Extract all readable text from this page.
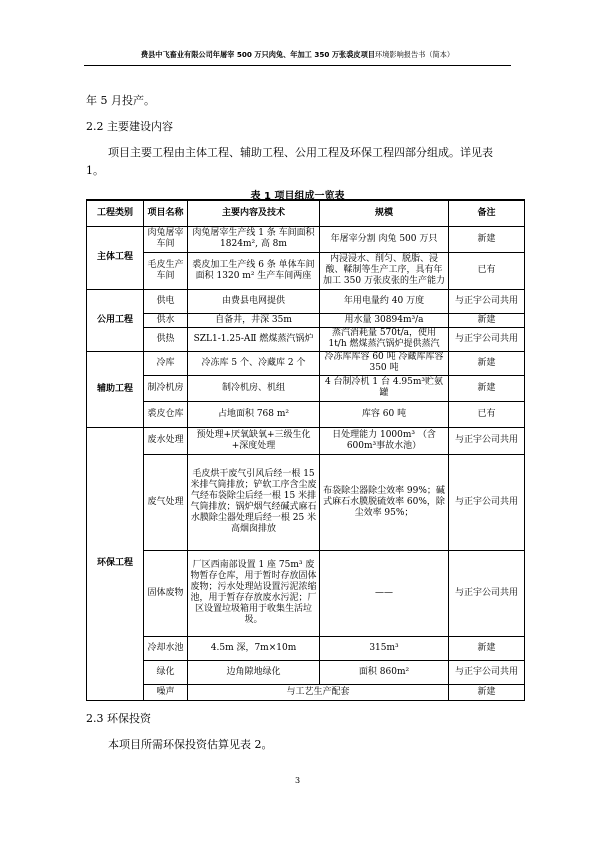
费县中飞畜业有限公司年屠宰 500 万只肉兔、年加工 350 万张裘皮项目环境影响报告书（简本）
年 5 月投产。
2.2 主要建设内容
项目主要工程由主体工程、辅助工程、公用工程及环保工程四部分组成。详见表
1。
表 1 项目组成一览表
工程类别	项目名称	主要内容及技术	规模	备注
主体工程	肉兔屠宰车间	肉兔屠宰生产线 1 条 车间面积 1824m², 高 8m	年屠宰分割 肉兔 500 万只	新建
	毛皮生产车间	裘皮加工生产线 6 条 单体车间面积 1320 m² 生产车间两座	内浸浸水、削匀、脱脂、浸酸、鞣制等生产工序，具有年加工 350 万张皮张的生产能力	已有
公用工程	供电	由费县电网提供	年用电量约 40 万度	与正宇公司共用
	供水	自备井，井深 35m	用水量 30894m³/a	新建
	供热	SZL1-1.25-AⅡ 燃煤蒸汽锅炉	蒸汽消耗量 570t/a，使用 1t/h 燃煤蒸汽锅炉提供蒸汽	与正宇公司共用
辅助工程	冷库	冷冻库 5 个、冷藏库 2 个	冷冻库库容 60 吨 冷藏库库容 350 吨	新建
	制冷机房	制冷机房、机组	4 台制冷机 1 台 4.95m³贮氨罐	新建
	裘皮仓库	占地面积 768 m²	库容 60 吨	已有
环保工程	废水处理	预处理+厌氧缺氧+三级生化+深度处理	日处理能力 1000m³ （含 600m³事故水池）	与正宇公司共用
	废气处理	毛皮烘干废气引风后经一根 15 米排气筒排放；铲软工序含尘废气经布袋除尘后经一根 15 米排气筒排放；锅炉烟气经碱式麻石水膜除尘器处理后经一根 25 米高烟囱排放	布袋除尘器除尘效率 99%；碱式麻石水膜脱硫效率 60%，除尘效率 95%；	与正宇公司共用
	固体废物	厂区西南部设置 1 座 75m³ 废物暂存仓库，用于暂时存放固体废物；污水处理站设置污泥浓缩池，用于暂存存放废水污泥；厂区设置垃圾箱用于收集生活垃圾。	——	与正宇公司共用
	冷却水池	4.5m 深，7m×10m	315m³	新建
	绿化	边角隙地绿化	面积 860m²	与正宇公司共用
	噪声	与工艺生产配套		新建
2.3 环保投资
本项目所需环保投资估算见表 2。
3
